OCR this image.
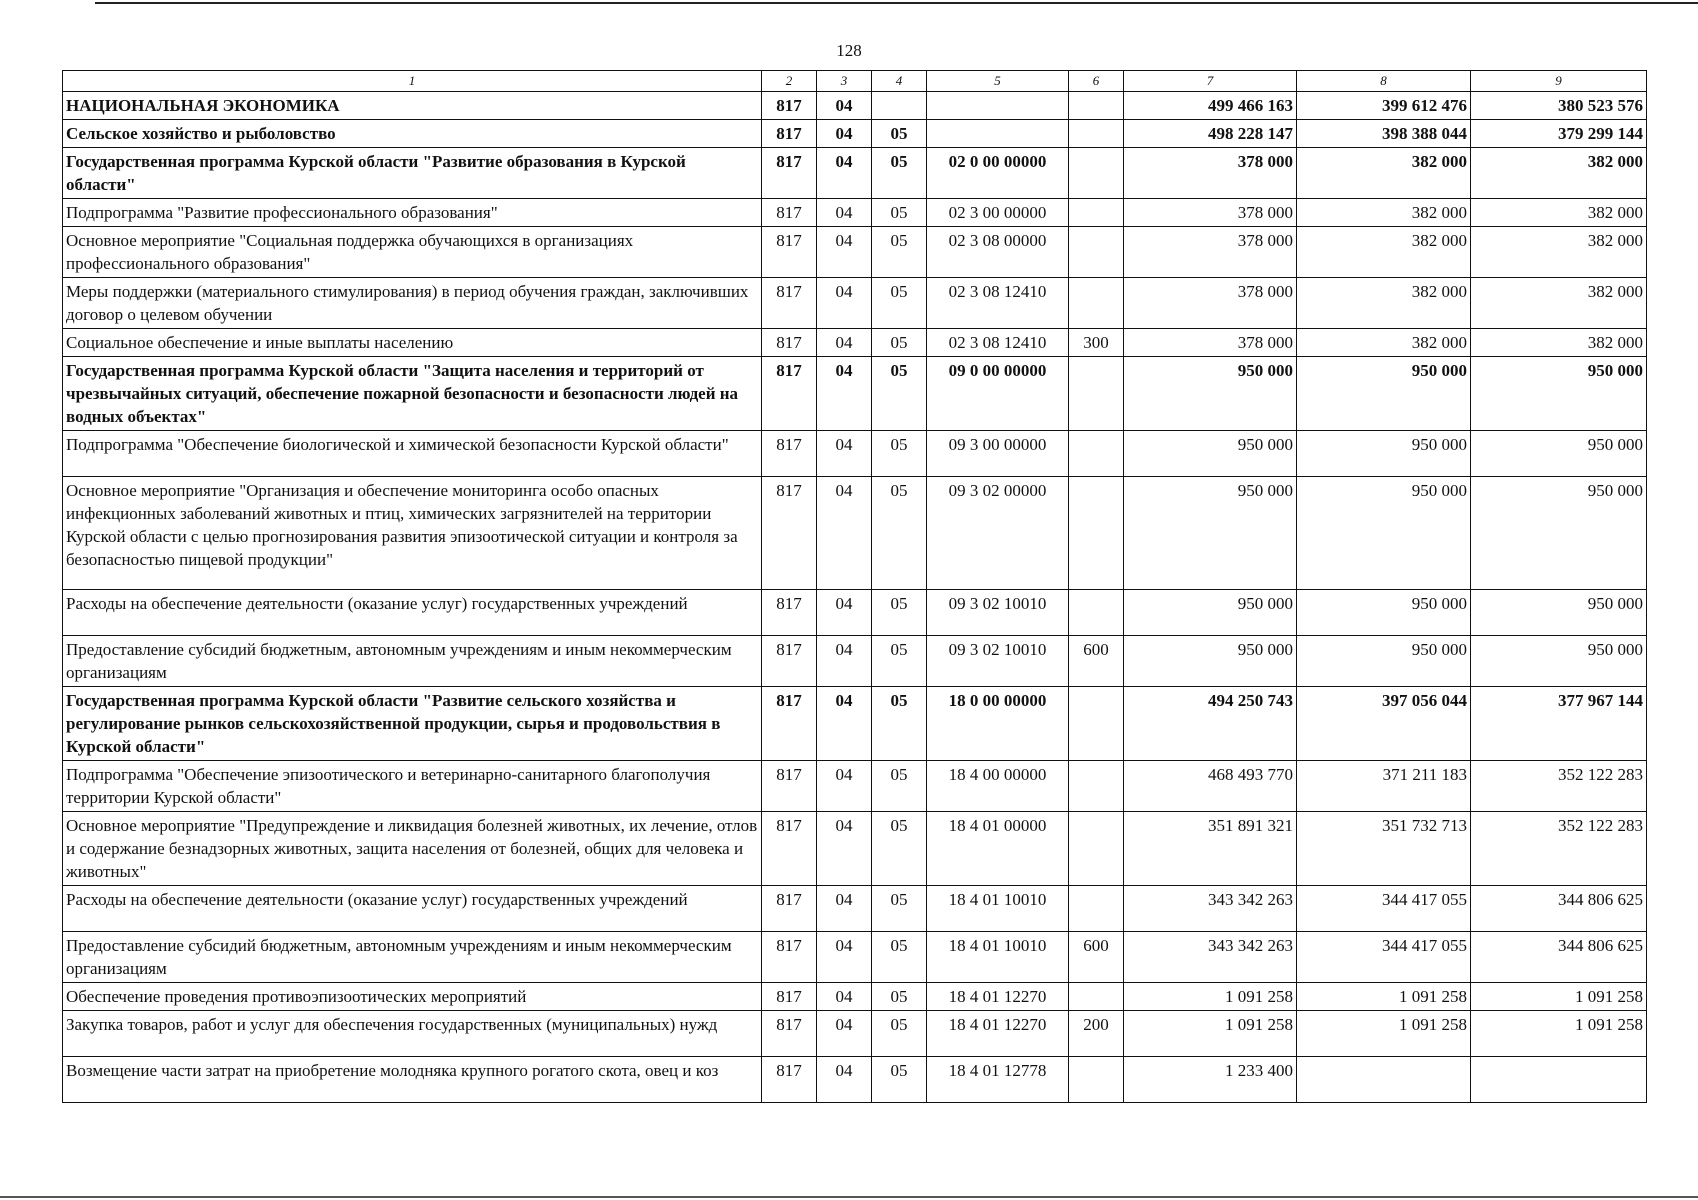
128
1	2	3	4	5	6	7	8	9
НАЦИОНАЛЬНАЯ ЭКОНОМИКА	817	04				499 466 163	399 612 476	380 523 576
Сельское хозяйство и рыболовство	817	04	05			498 228 147	398 388 044	379 299 144
Государственная программа Курской области "Развитие образования в Курской области"	817	04	05	02 0 00 00000		378 000	382 000	382 000
Подпрограмма "Развитие профессионального образования"	817	04	05	02 3 00 00000		378 000	382 000	382 000
Основное мероприятие "Социальная поддержка обучающихся в организациях профессионального образования"	817	04	05	02 3 08 00000		378 000	382 000	382 000
Меры поддержки (материального стимулирования) в период обучения граждан, заключивших договор о целевом обучении	817	04	05	02 3 08 12410		378 000	382 000	382 000
Социальное обеспечение и иные выплаты населению	817	04	05	02 3 08 12410	300	378 000	382 000	382 000
Государственная программа Курской области "Защита населения и территорий от чрезвычайных ситуаций, обеспечение пожарной безопасности и безопасности людей на водных объектах"	817	04	05	09 0 00 00000		950 000	950 000	950 000
Подпрограмма "Обеспечение биологической и химической безопасности Курской области"	817	04	05	09 3 00 00000		950 000	950 000	950 000
Основное мероприятие "Организация и обеспечение мониторинга особо опасных инфекционных заболеваний животных и птиц, химических загрязнителей на территории Курской области с целью прогнозирования развития эпизоотической ситуации и контроля за безопасностью пищевой продукции"	817	04	05	09 3 02 00000		950 000	950 000	950 000
Расходы на обеспечение деятельности (оказание услуг) государственных учреждений	817	04	05	09 3 02 10010		950 000	950 000	950 000
Предоставление субсидий бюджетным, автономным учреждениям и иным некоммерческим организациям	817	04	05	09 3 02 10010	600	950 000	950 000	950 000
Государственная программа Курской области "Развитие сельского хозяйства и регулирование рынков сельскохозяйственной продукции, сырья и продовольствия в Курской области"	817	04	05	18 0 00 00000		494 250 743	397 056 044	377 967 144
Подпрограмма "Обеспечение эпизоотического и ветеринарно-санитарного благополучия территории Курской области"	817	04	05	18 4 00 00000		468 493 770	371 211 183	352 122 283
Основное мероприятие "Предупреждение и ликвидация болезней животных, их лечение, отлов и содержание безнадзорных животных, защита населения от болезней, общих для человека и животных"	817	04	05	18 4 01 00000		351 891 321	351 732 713	352 122 283
Расходы на обеспечение деятельности (оказание услуг) государственных учреждений	817	04	05	18 4 01 10010		343 342 263	344 417 055	344 806 625
Предоставление субсидий бюджетным, автономным учреждениям и иным некоммерческим организациям	817	04	05	18 4 01 10010	600	343 342 263	344 417 055	344 806 625
Обеспечение проведения противоэпизоотических мероприятий	817	04	05	18 4 01 12270		1 091 258	1 091 258	1 091 258
Закупка товаров, работ и услуг для обеспечения государственных (муниципальных) нужд	817	04	05	18 4 01 12270	200	1 091 258	1 091 258	1 091 258
Возмещение части затрат на приобретение молодняка крупного рогатого скота, овец и коз	817	04	05	18 4 01 12778		1 233 400		
